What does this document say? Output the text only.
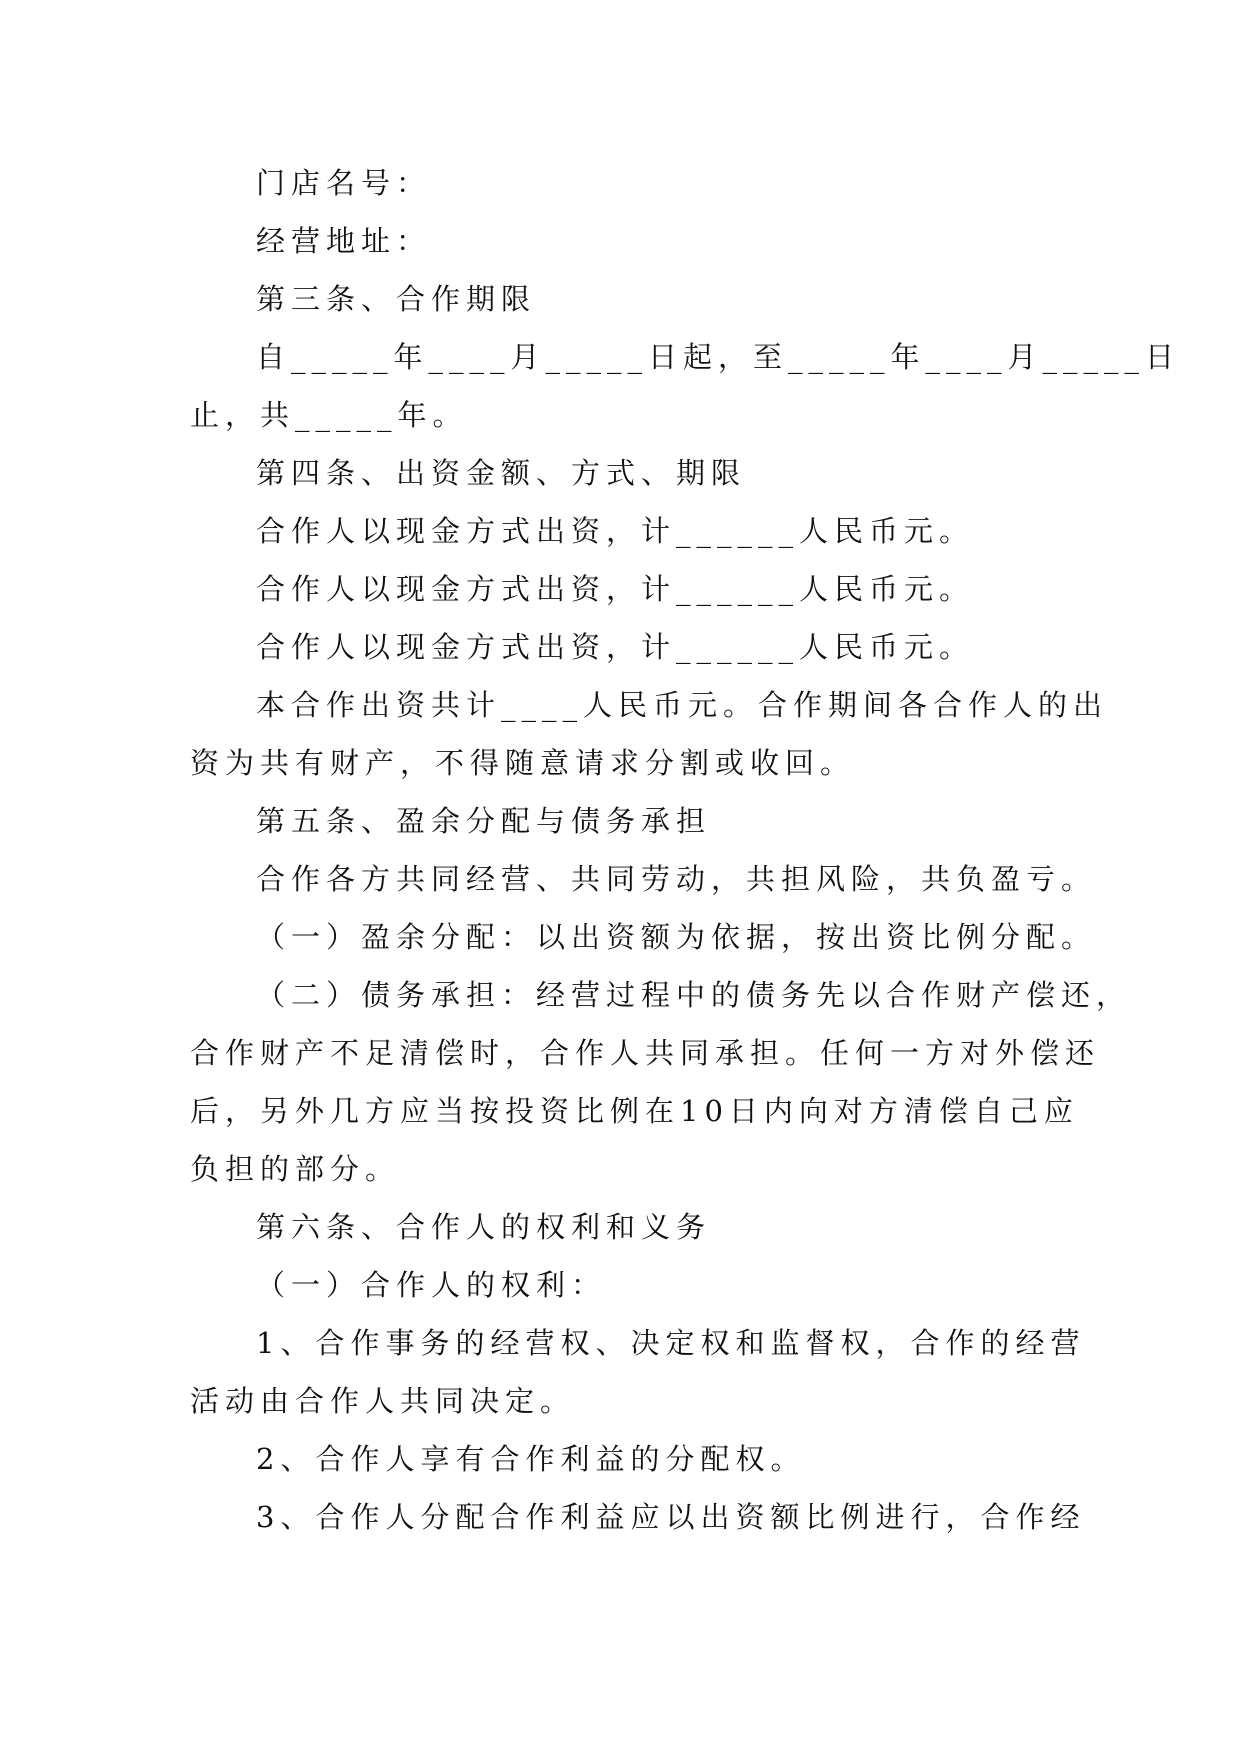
门店名号：
经营地址：
第三条、合作期限
自_____年____月_____日起，至_____年____月_____日
止，共_____年。
第四条、出资金额、方式、期限
合作人以现金方式出资，计______人民币元。
合作人以现金方式出资，计______人民币元。
合作人以现金方式出资，计______人民币元。
本合作出资共计____人民币元。合作期间各合作人的出
资为共有财产，不得随意请求分割或收回。
第五条、盈余分配与债务承担
合作各方共同经营、共同劳动，共担风险，共负盈亏。
（一）盈余分配：以出资额为依据，按出资比例分配。
（二）债务承担：经营过程中的债务先以合作财产偿还，
合作财产不足清偿时，合作人共同承担。任何一方对外偿还
后，另外几方应当按投资比例在10日内向对方清偿自己应
负担的部分。
第六条、合作人的权利和义务
（一）合作人的权利：
1、合作事务的经营权、决定权和监督权，合作的经营
活动由合作人共同决定。
2、合作人享有合作利益的分配权。
3、合作人分配合作利益应以出资额比例进行，合作经
